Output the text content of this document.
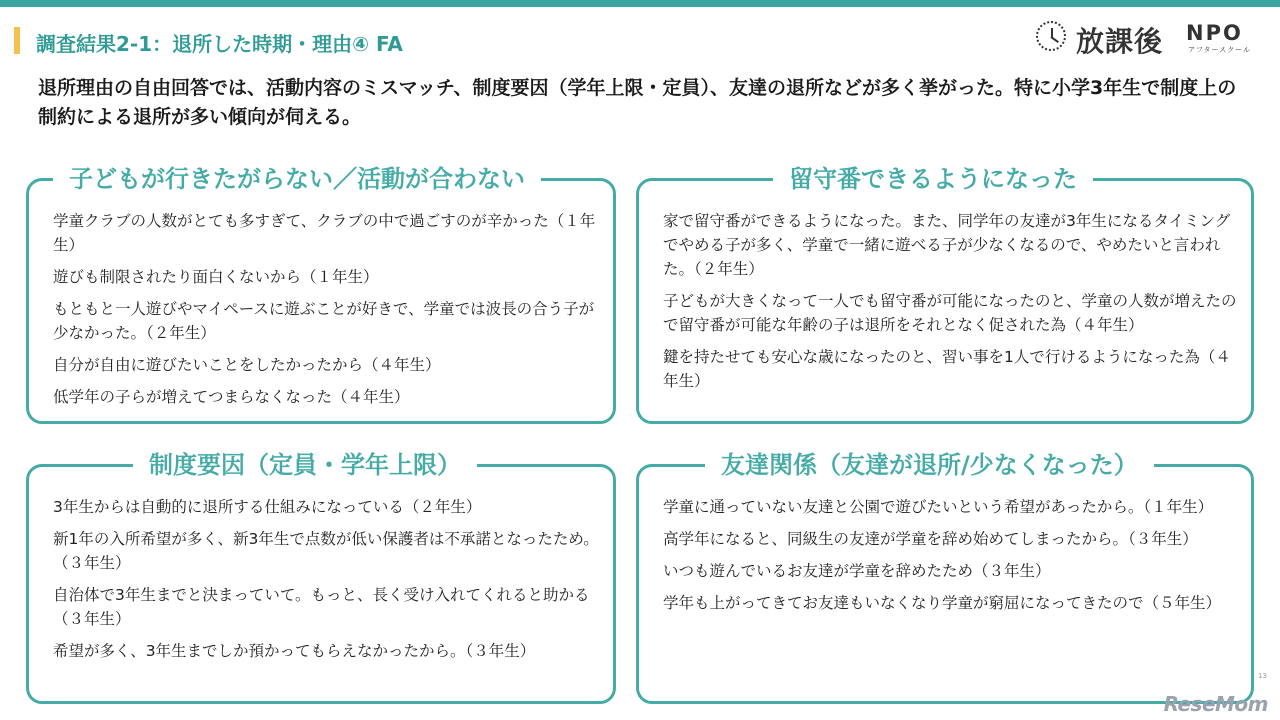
調査結果2-1：退所した時期・理由④ FA	放課後 NPO
アフタースクール
退所理由の自由回答では、活動内容のミスマッチ、制度要因（学年上限・定員）、友達の退所などが多く挙がった。特に小学3年生で制度上の制約による退所が多い傾向が伺える。
子どもが行きたがらない／活動が合わない
学童クラブの人数がとても多すぎて、クラブの中で過ごすのが辛かった（１年生）
遊びも制限されたり面白くないから（１年生）
もともと一人遊びやマイペースに遊ぶことが好きで、学童では波長の合う子が少なかった。（２年生）
自分が自由に遊びたいことをしたかったから（４年生）
低学年の子らが増えてつまらなくなった（４年生）
留守番できるようになった
家で留守番ができるようになった。また、同学年の友達が3年生になるタイミングでやめる子が多く、学童で一緒に遊べる子が少なくなるので、やめたいと言われた。（２年生）
子どもが大きくなって一人でも留守番が可能になったのと、学童の人数が増えたので留守番が可能な年齢の子は退所をそれとなく促された為（４年生）
鍵を持たせても安心な歳になったのと、習い事を1人で行けるようになった為（４年生）
制度要因（定員・学年上限）
3年生からは自動的に退所する仕組みになっている（２年生）
新1年の入所希望が多く、新3年生で点数が低い保護者は不承諾となったため。（３年生）
自治体で3年生までと決まっていて。もっと、長く受け入れてくれると助かる（３年生）
希望が多く、3年生までしか預かってもらえなかったから。（３年生）
友達関係（友達が退所/少なくなった）
学童に通っていない友達と公園で遊びたいという希望があったから。（１年生）
高学年になると、同級生の友達が学童を辞め始めてしまったから。（３年生）
いつも遊んでいるお友達が学童を辞めたため（３年生）
学年も上がってきてお友達もいなくなり学童が窮屈になってきたので（５年生）
13
ReseMom
